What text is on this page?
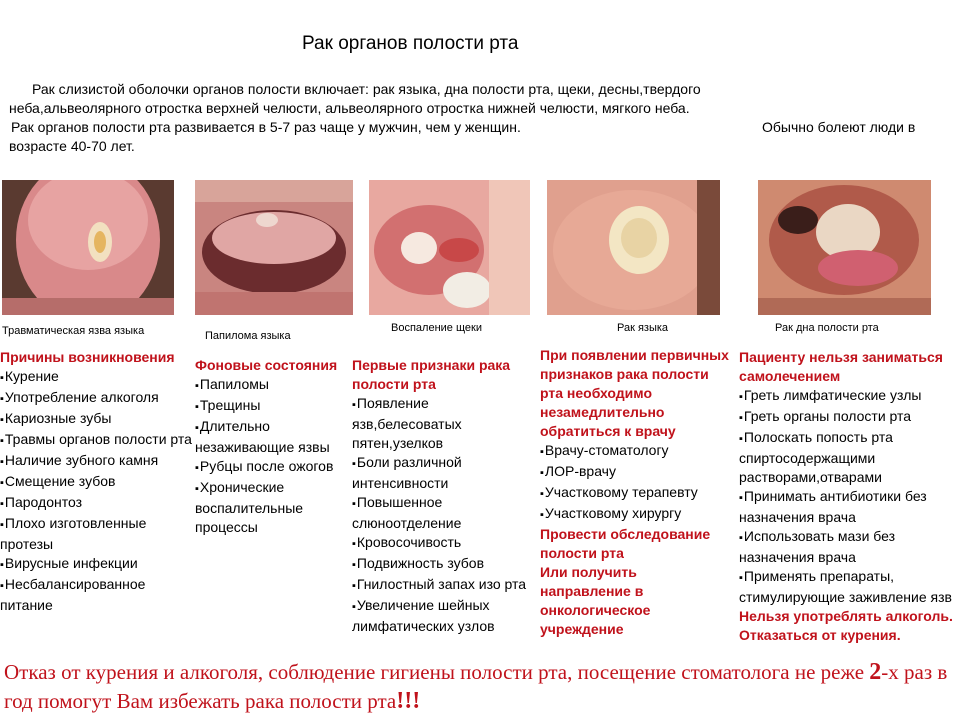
Рак органов полости рта
Рак слизистой оболочки органов полости включает: рак языка, дна полости рта, щеки, десны,твердого
неба,альвеолярного отростка верхней челюсти, альвеолярного отростка нижней челюсти, мягкого неба.
Рак органов полости рта развивается в 5-7 раз чаще у мужчин, чем у женщин.	Обычно болеют люди в
возрасте 40-70 лет.
Травматическая язва языка	Папилома языка
Воспаление щеки	Рак языка	Рак дна полости рта
Причины возникновения
▪ Курение
▪ Употребление алкоголя
▪ Кариозные зубы
▪ Травмы органов полости рта
▪ Наличие зубного камня
▪ Смещение зубов
▪ Пародонтоз
▪ Плохо изготовленные протезы
▪ Вирусные инфекции
▪ Несбалансированное питание
Фоновые состояния
▪ Папиломы
▪ Трещины
▪ Длительно незаживающие язвы
▪ Рубцы после ожогов
▪ Хронические воспалительные процессы
Первые признаки рака полости рта
▪ Появление язв,белесоватых пятен,узелков
▪ Боли различной интенсивности
▪ Повышенное слюноотделение
▪ Кровосочивость
▪ Подвижность зубов
▪ Гнилостный запах изо рта
▪ Увеличение шейных лимфатических узлов
При появлении первичных признаков рака полости рта необходимо незамедлительно обратиться к врачу
▪ Врачу-стоматологу
▪ ЛОР-врачу
▪ Участковому терапевту
▪ Участковому хирургу
Провести обследование полости рта
Или получить направление в онкологическое учреждение
Пациенту нельзя заниматься самолечением
▪ Греть лимфатические узлы
▪ Греть органы полости рта
▪ Полоскать попость рта спиртосодержащими растворами,отварами
▪ Принимать антибиотики без назначения врача
▪ Использовать мази без назначения врача
▪ Применять препараты, стимулирующие заживление язв
Нельзя употреблять алкоголь.
Отказаться от курения.
Отказ от курения и алкоголя, соблюдение гигиены полости рта, посещение стоматолога не реже 2-х раз в год помогут Вам избежать рака полости рта!!!
